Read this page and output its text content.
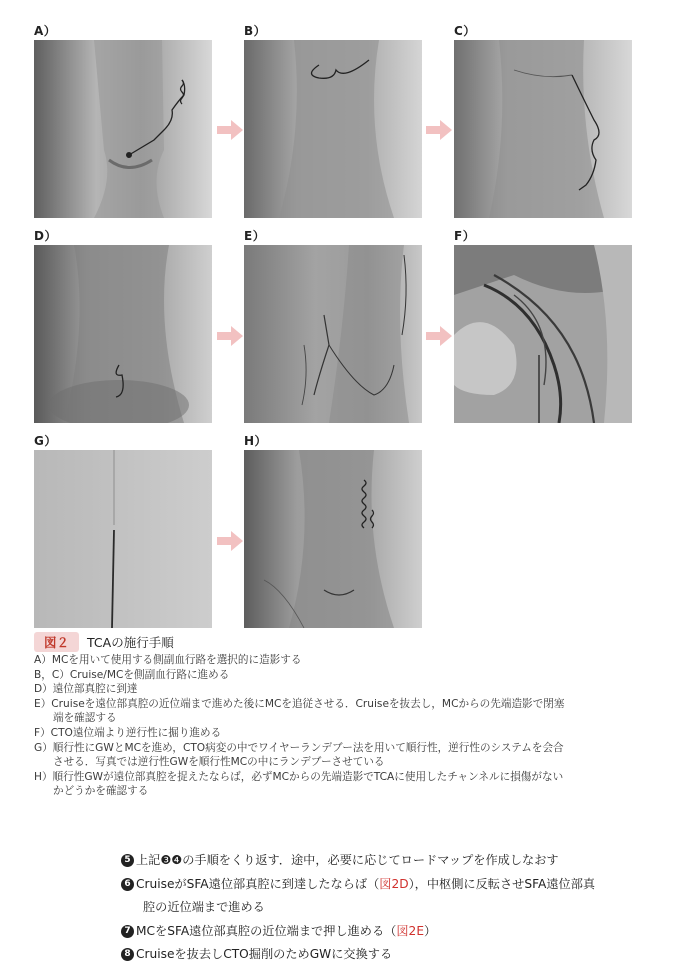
A）	B）	C）
D）	E）	F）
G）	H）
図２	TCAの施行手順
A）MCを用いて使用する側副血行路を選択的に造影する
B，C）Cruise/MCを側副血行路に進める
D）遠位部真腔に到達
E）Cruiseを遠位部真腔の近位端まで進めた後にMCを追従させる．Cruiseを抜去し，MCからの先端造影で閉塞
端を確認する
F）CTO遠位端より逆行性に掘り進める
G）順行性にGWとMCを進め，CTO病変の中でワイヤーランデブー法を用いて順行性，逆行性のシステムを会合
させる．写真では逆行性GWを順行性MCの中にランデブーさせている
H）順行性GWが遠位部真腔を捉えたならば，必ずMCからの先端造影でTCAに使用したチャンネルに損傷がない
かどうかを確認する
5 上記❸❹の手順をくり返す．途中，必要に応じてロードマップを作成しなおす
6 CruiseがSFA遠位部真腔に到達したならば（ 図2D ），中枢側に反転させSFA遠位部真
腔の近位端まで進める
7 MCをSFA遠位部真腔の近位端まで押し進める（ 図2E ）
8 Cruiseを抜去しCTO掘削のためGWに交換する
